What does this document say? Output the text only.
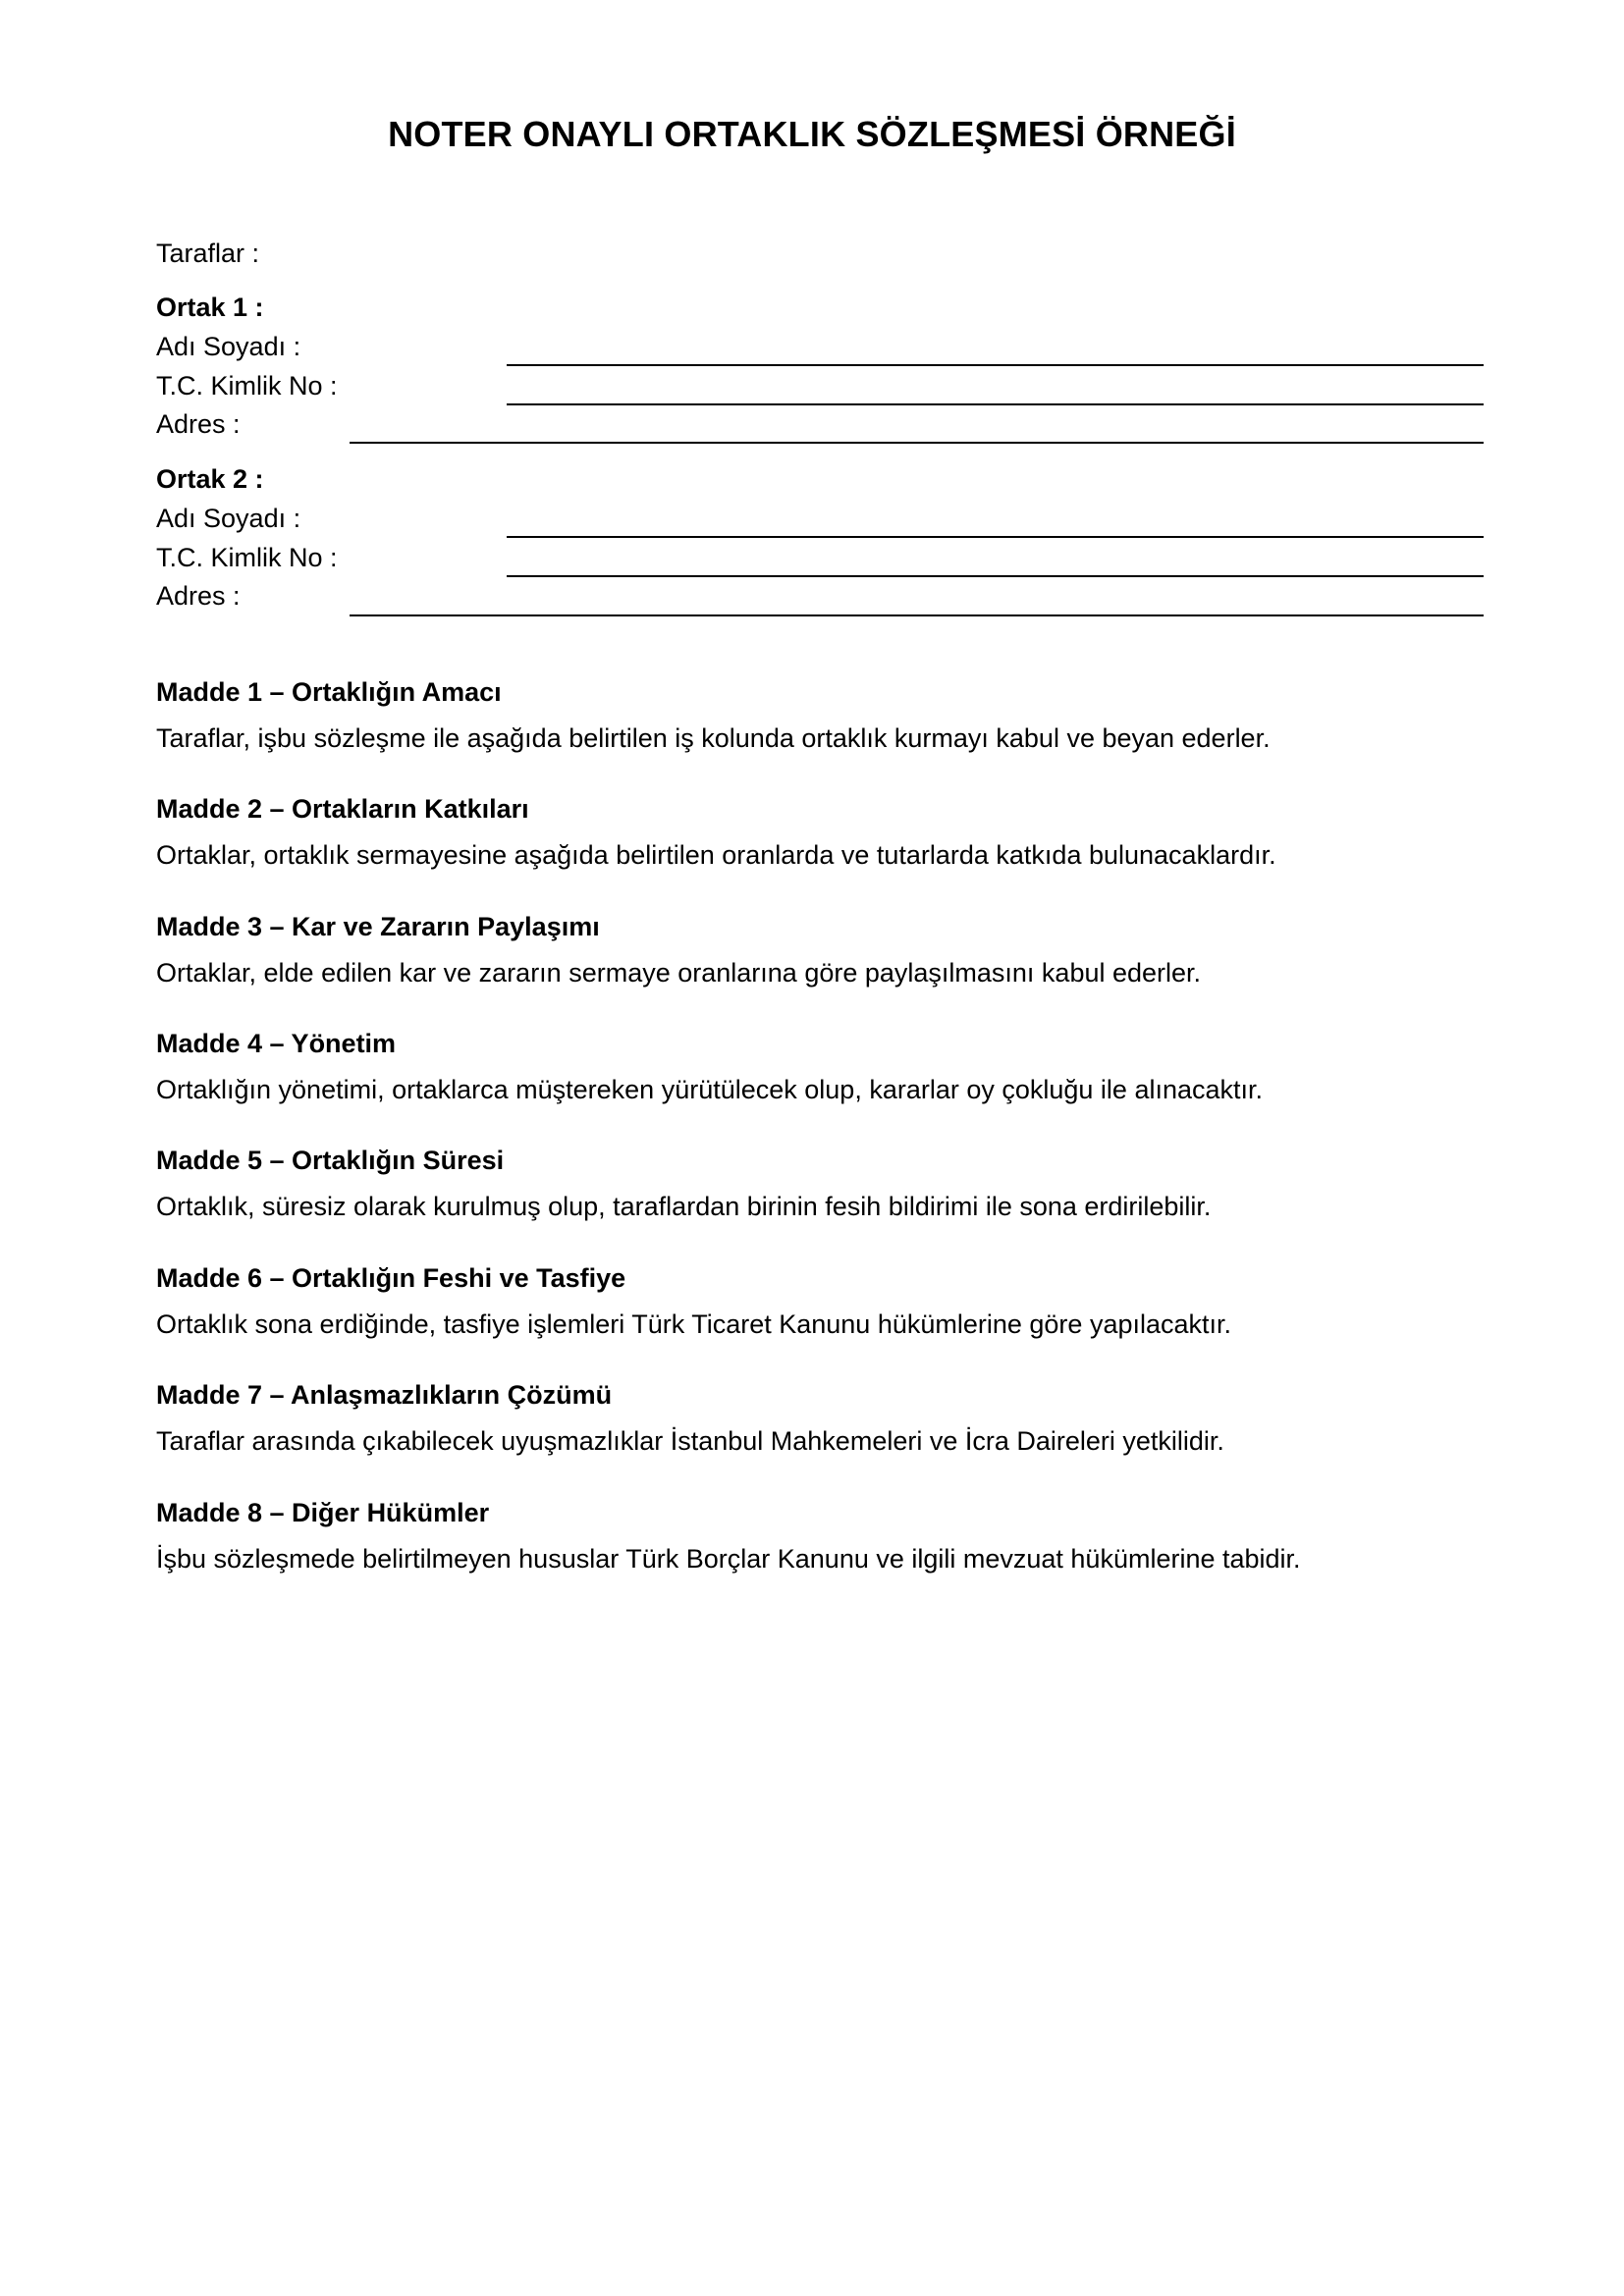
NOTER ONAYLI ORTAKLIK SÖZLEŞMESİ ÖRNEĞİ
Taraflar :
Ortak 1 :
Adı Soyadı :
T.C. Kimlik No :
Adres :
Ortak 2 :
Adı Soyadı :
T.C. Kimlik No :
Adres :
Madde 1 – Ortaklığın Amacı
Taraflar, işbu sözleşme ile aşağıda belirtilen iş kolunda ortaklık kurmayı kabul ve beyan ederler.
Madde 2 – Ortakların Katkıları
Ortaklar, ortaklık sermayesine aşağıda belirtilen oranlarda ve tutarlarda katkıda bulunacaklardır.
Madde 3 – Kar ve Zararın Paylaşımı
Ortaklar, elde edilen kar ve zararın sermaye oranlarına göre paylaşılmasını kabul ederler.
Madde 4 – Yönetim
Ortaklığın yönetimi, ortaklarca müştereken yürütülecek olup, kararlar oy çokluğu ile alınacaktır.
Madde 5 – Ortaklığın Süresi
Ortaklık, süresiz olarak kurulmuş olup, taraflardan birinin fesih bildirimi ile sona erdirilebilir.
Madde 6 – Ortaklığın Feshi ve Tasfiye
Ortaklık sona erdiğinde, tasfiye işlemleri Türk Ticaret Kanunu hükümlerine göre yapılacaktır.
Madde 7 – Anlaşmazlıkların Çözümü
Taraflar arasında çıkabilecek uyuşmazlıklar İstanbul Mahkemeleri ve İcra Daireleri yetkilidir.
Madde 8 – Diğer Hükümler
İşbu sözleşmede belirtilmeyen hususlar Türk Borçlar Kanunu ve ilgili mevzuat hükümlerine tabidir.
